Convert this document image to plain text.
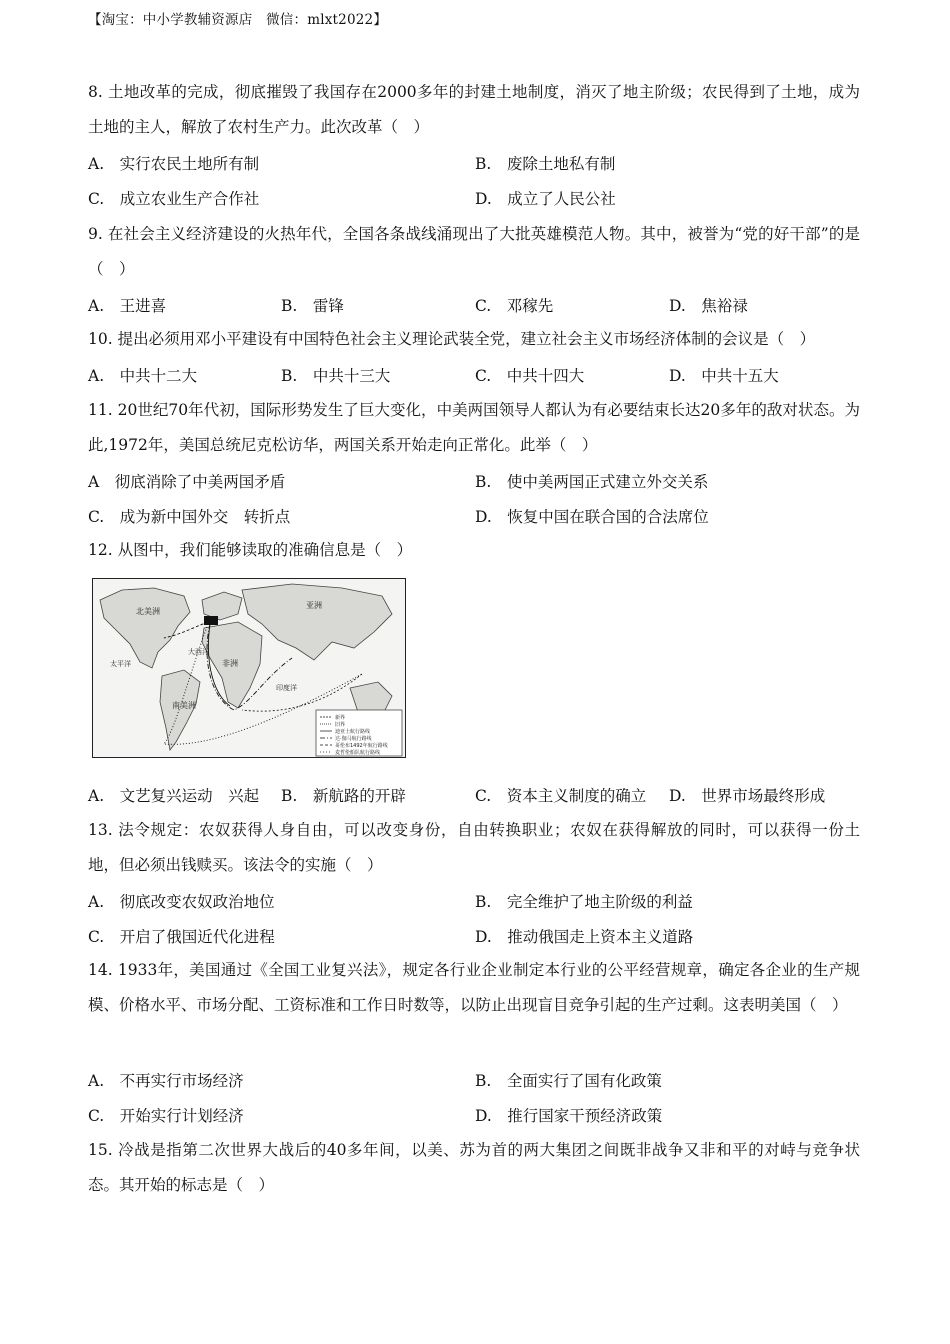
【淘宝：中小学教辅资源店　微信：mlxt2022】
8. 土地改革的完成，彻底摧毁了我国存在2000多年的封建土地制度，消灭了地主阶级；农民得到了土地，成为土地的主人，解放了农村生产力。此次改革（　）
A.　实行农民土地所有制	B.　废除土地私有制
C.　成立农业生产合作社	D.　成立了人民公社
9. 在社会主义经济建设的火热年代，全国各条战线涌现出了大批英雄模范人物。其中，被誉为“党的好干部”的是（　）
A.　王进喜	B.　雷锋	C.　邓稼先	D.　焦裕禄
10. 提出必须用邓小平建设有中国特色社会主义理论武装全党，建立社会主义市场经济体制的会议是（　）
A.　中共十二大	B.　中共十三大	C.　中共十四大	D.　中共十五大
11. 20世纪70年代初，国际形势发生了巨大变化，中美两国领导人都认为有必要结束长达20多年的敌对状态。为此,1972年，美国总统尼克松访华，两国关系开始走向正常化。此举（　）
A　彻底消除了中美两国矛盾	B.　使中美两国正式建立外交关系
C.　成为新中国外交　转折点	D.　恢复中国在联合国的合法席位
12. 从图中，我们能够读取的准确信息是（　）
北美洲
南美洲
非洲
亚洲
太平洋
大西洋
印度洋
新界
旧界
迪亚士航行路线
达·伽马航行路线
哥伦布1492年航行路线
麦哲伦船队航行路线
A.　文艺复兴运动　兴起 B.　新航路的开辟	C.　资本主义制度的确立 D.　世界市场最终形成
13. 法令规定：农奴获得人身自由，可以改变身份，自由转换职业；农奴在获得解放的同时，可以获得一份土地，但必须出钱赎买。该法令的实施（　）
A.　彻底改变农奴政治地位	B.　完全维护了地主阶级的利益
C.　开启了俄国近代化进程	D.　推动俄国走上资本主义道路
14. 1933年，美国通过《全国工业复兴法》，规定各行业企业制定本行业的公平经营规章，确定各企业的生产规模、价格水平、市场分配、工资标准和工作日时数等，以防止出现盲目竞争引起的生产过剩。这表明美国（　）
A.　不再实行市场经济	B.　全面实行了国有化政策
C.　开始实行计划经济	D.　推行国家干预经济政策
15. 冷战是指第二次世界大战后的40多年间，以美、苏为首的两大集团之间既非战争又非和平的对峙与竞争状态。其开始的标志是（　）
